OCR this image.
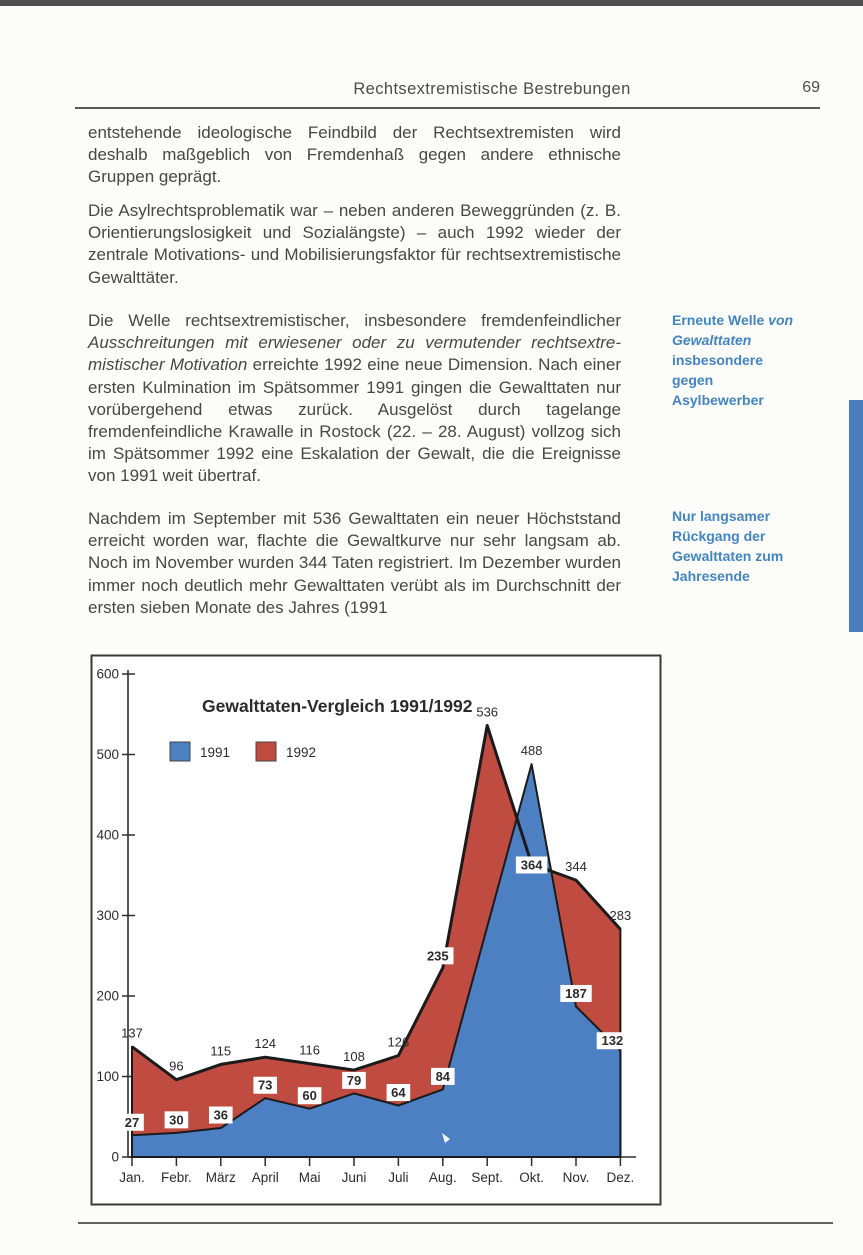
Rechtsextremistische Bestrebungen	69
entstehende ideologische Feindbild der Rechtsextremisten wird deshalb maßgeblich von Fremdenhaß gegen andere ethnische Gruppen geprägt.
Die Asylrechtsproblematik war – neben anderen Beweggründen (z. B. Orientierungslosigkeit und Sozialängste) – auch 1992 wieder der zentrale Motivations- und Mobilisierungsfaktor für rechtsextremistische Gewalttäter.
Die Welle rechtsextremistischer, insbesondere fremdenfeindlicher Ausschreitungen mit erwiesener oder zu vermutender rechtsextremistischer Motivation erreichte 1992 eine neue Dimension. Nach einer ersten Kulmination im Spätsommer 1991 gingen die Gewalttaten nur vorübergehend etwas zurück. Ausgelöst durch tagelange fremdenfeindliche Krawalle in Rostock (22. – 28. August) vollzog sich im Spätsommer 1992 eine Eskalation der Gewalt, die die Ereignisse von 1991 weit übertraf.
Nachdem im September mit 536 Gewalttaten ein neuer Höchststand erreicht worden war, flachte die Gewaltkurve nur sehr langsam ab. Noch im November wurden 344 Taten registriert. Im Dezember wurden immer noch deutlich mehr Gewalttaten verübt als im Durchschnitt der ersten sieben Monate des Jahres (1991
Erneute Welle von Gewalttaten insbesondere gegen Asylbewerber
Nur langsamer Rückgang der Gewalttaten zum Jahresende
Gewalttaten-Vergleich 1991/1992
1991	1992
0
100
200
300
400
500
600
Jan. Febr. März April Mai Juni Juli Aug. Sept. Okt. Nov. Dez.
27 30 36
73
60
79
64
84
488
187
132
137
96
115 124 116 108
126
235
536
364 344
283
